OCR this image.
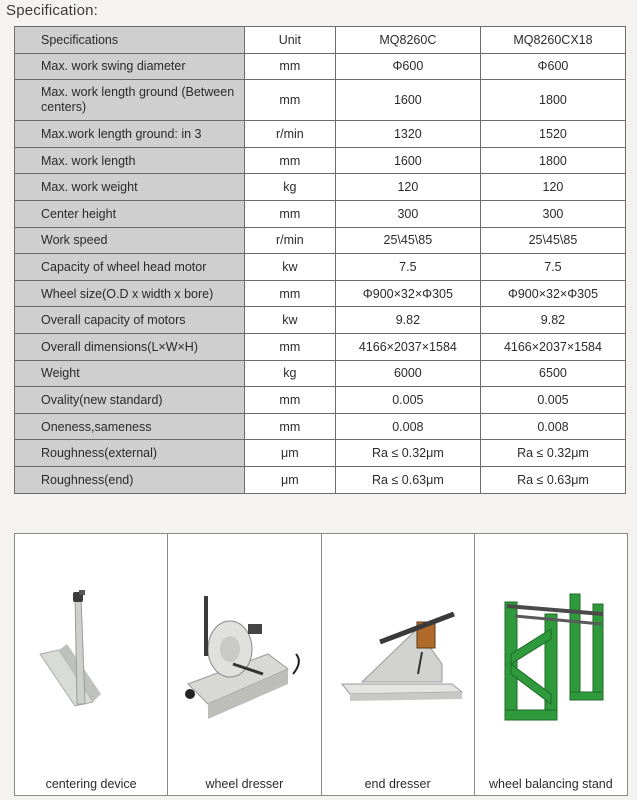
Specification:
Specifications	Unit	MQ8260C	MQ8260CX18
Max. work swing diameter	mm	Φ600	Φ600
Max. work length ground (Between centers)	mm	1600	1800
Max.work length ground: in 3	r/min	1320	1520
Max. work length	mm	1600	1800
Max. work weight	kg	120	120
Center height	mm	300	300
Work speed	r/min	25\45\85	25\45\85
Capacity of wheel head motor	kw	7.5	7.5
Wheel size(O.D x width x bore)	mm	Φ900×32×Φ305	Φ900×32×Φ305
Overall capacity of motors	kw	9.82	9.82
Overall dimensions(L×W×H)	mm	4166×2037×1584	4166×2037×1584
Weight	kg	6000	6500
Ovality(new standard)	mm	0.005	0.005
Oneness,sameness	mm	0.008	0.008
Roughness(external)	μm	Ra ≤ 0.32μm	Ra ≤ 0.32μm
Roughness(end)	μm	Ra ≤ 0.63μm	Ra ≤ 0.63μm
centering device	wheel dresser	end dresser	wheel balancing stand
